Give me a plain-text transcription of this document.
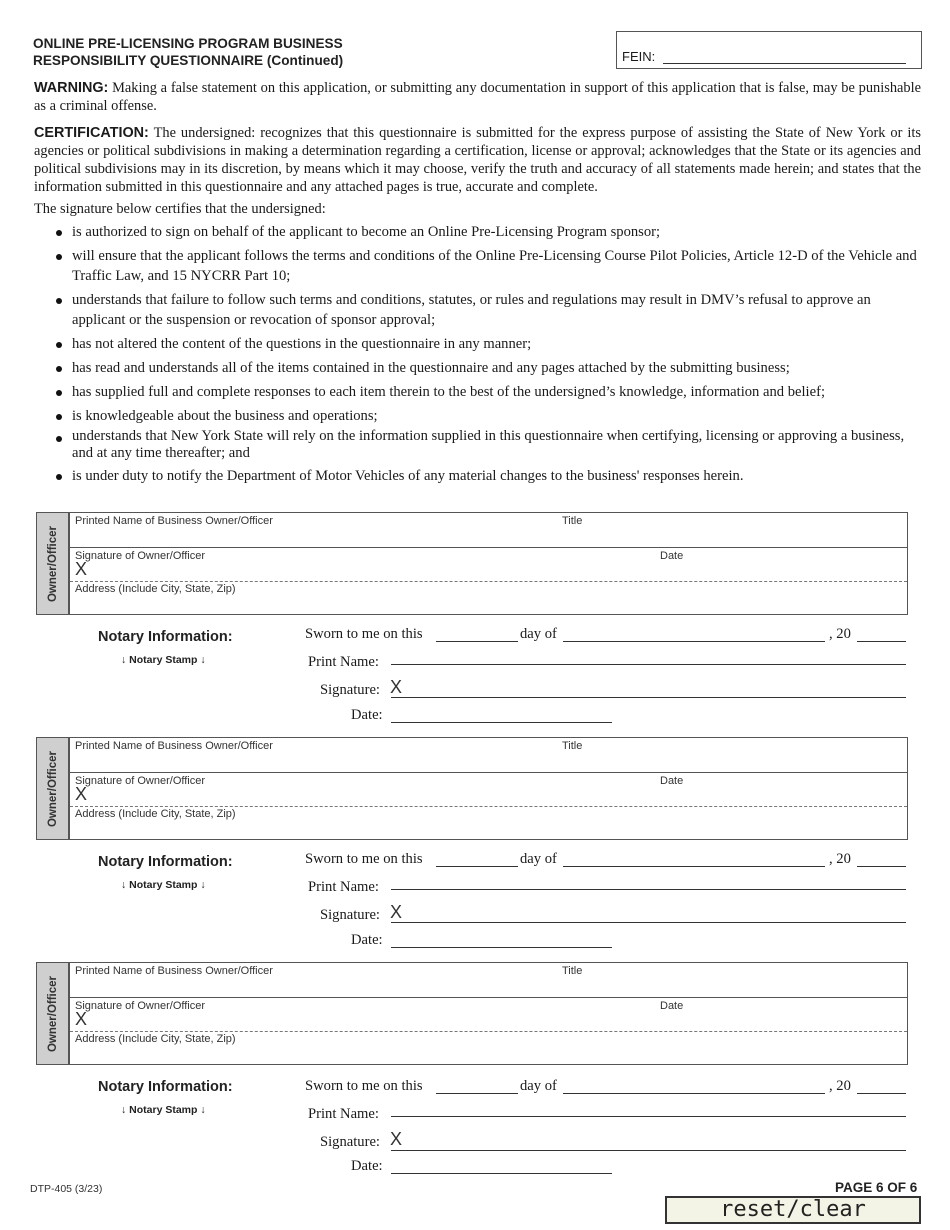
ONLINE PRE-LICENSING PROGRAM BUSINESS
RESPONSIBILITY QUESTIONNAIRE (Continued)	FEIN:
WARNING: Making a false statement on this application, or submitting any documentation in support of this application that is false, may be punishable as a criminal offense.
CERTIFICATION: The undersigned: recognizes that this questionnaire is submitted for the express purpose of assisting the State of New York or its agencies or political subdivisions in making a determination regarding a certification, license or approval; acknowledges that the State or its agencies and political subdivisions may in its discretion, by means which it may choose, verify the truth and accuracy of all statements made herein; and states that the information submitted in this questionnaire and any attached pages is true, accurate and complete.
The signature below certifies that the undersigned:
is authorized to sign on behalf of the applicant to become an Online Pre-Licensing Program sponsor;
will ensure that the applicant follows the terms and conditions of the Online Pre-Licensing Course Pilot Policies, Article 12-D of the Vehicle and Traffic Law, and 15 NYCRR Part 10;
understands that failure to follow such terms and conditions, statutes, or rules and regulations may result in DMV’s refusal to approve an applicant or the suspension or revocation of sponsor approval;
has not altered the content of the questions in the questionnaire in any manner;
has read and understands all of the items contained in the questionnaire and any pages attached by the submitting business;
has supplied full and complete responses to each item therein to the best of the undersigned’s knowledge, information and belief;
is knowledgeable about the business and operations;
understands that New York State will rely on the information supplied in this questionnaire when certifying, licensing or approving a business, and at any time thereafter; and
is under duty to notify the Department of Motor Vehicles of any material changes to the business' responses herein.
Owner/Officer
Printed Name of Business Owner/Officer	Title
Signature of Owner/Officer	Date
X
Address (Include City, State, Zip)
Notary Information:
↓ Notary Stamp ↓
Sworn to me on this	day of	, 20
Print Name:
Signature: X
Date:
Owner/Officer
Printed Name of Business Owner/Officer	Title
Signature of Owner/Officer	Date
X
Address (Include City, State, Zip)
Notary Information:
↓ Notary Stamp ↓
Sworn to me on this	day of	, 20
Print Name:
Signature: X
Date:
Owner/Officer
Printed Name of Business Owner/Officer	Title
Signature of Owner/Officer	Date
X
Address (Include City, State, Zip)
Notary Information:
↓ Notary Stamp ↓
Sworn to me on this	day of	, 20
Print Name:
Signature: X
Date:
DTP-405 (3/23)	PAGE 6 OF 6
reset/clear
